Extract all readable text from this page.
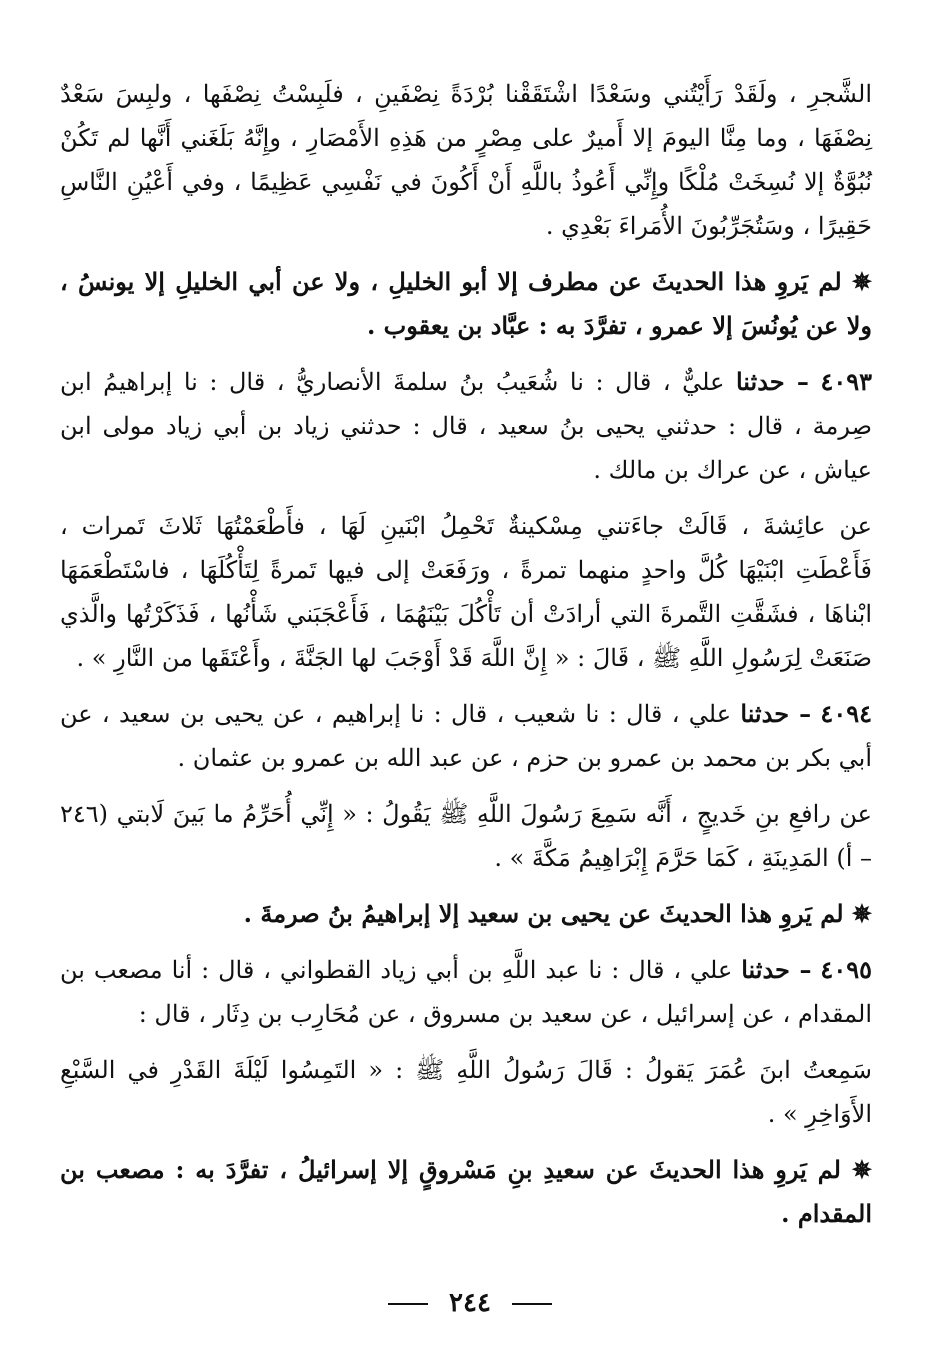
الشَّجرِ ، ولَقَدْ رَأَيْتُني وسَعْدًا اشْتَقَقْنا بُرْدَةً نِصْفَينِ ، فلَبِسْتُ نِصْفَها ، ولبِسَ سَعْدٌ نِصْفَهَا ، وما مِنَّا اليومَ إلا أَميرٌ على مِصْرٍ من هَذِهِ الأَمْصَارِ ، وإِنَّهُ بَلَغَني أَنَّها لم تَكُنْ نُبُوَّةٌ إلا نُسِخَتْ مُلْكًا وإِنِّي أَعُوذُ باللَّهِ أَنْ أَكُونَ في نَفْسِي عَظِيمًا ، وفي أَعْيُنِ النَّاسِ حَقِيرًا ، وسَتُجَرِّبُونَ الأُمَراءَ بَعْدِي .

✵ لم يَروِ هذا الحديثَ عن مطرف إلا أبو الخليلِ ، ولا عن أبي الخليلِ إلا يونسُ ، ولا عن يُونُسَ إلا عمرو ، تفرَّدَ به : عبَّاد بن يعقوب .

٤٠٩٣ – حدثنا عليٌّ ، قال : نا شُعَيبُ بنُ سلمةَ الأنصاريُّ ، قال : نا إبراهيمُ ابن صِرمة ، قال : حدثني يحيى بنُ سعيد ، قال : حدثني زياد بن أبي زياد مولى ابن عياش ، عن عراك بن مالك .

عن عائِشةَ ، قَالَتْ جاءَتني مِسْكينةٌ تَحْمِلُ ابْنَينِ لَهَا ، فأَطْعَمْتُهَا ثَلاثَ تَمرات ، فَأَعْطَتِ ابْنَيْهَا كُلَّ واحدٍ منهما تمرةً ، ورَفَعَتْ إلى فيها تَمرةً لِتَأْكُلَهَا ، فاسْتَطْعَمَهَا ابْناهَا ، فشَقَّتِ التَّمرةَ التي أرادَتْ أن تَأْكُلَ بَيْنَهُمَا ، فَأَعْجَبَني شَأْنُها ، فَذَكَرْتُها والَّذي صَنَعَتْ لِرَسُولِ اللَّهِ ﷺ ، قَالَ : « إِنَّ اللَّهَ قَدْ أَوْجَبَ لها الجَنَّةَ ، وأَعْتَقَها من النَّارِ » .

٤٠٩٤ – حدثنا علي ، قال : نا شعيب ، قال : نا إبراهيم ، عن يحيى بن سعيد ، عن أبي بكر بن محمد بن عمرو بن حزم ، عن عبد الله بن عمرو بن عثمان .

عن رافعِ بنِ خَديجٍ ، أَنَّه سَمِعَ رَسُولَ اللَّهِ ﷺ يَقُولُ : « إِنِّي أُحَرِّمُ ما بَينَ لَابتي (٢٤٦ – أ) المَدِينَةِ ، كَمَا حَرَّمَ إِبْرَاهِيمُ مَكَّةَ » .

✵ لم يَروِ هذا الحديثَ عن يحيى بن سعيد إلا إبراهيمُ بنُ صرمةَ .

٤٠٩٥ – حدثنا علي ، قال : نا عبد اللَّهِ بن أبي زياد القطواني ، قال : أنا مصعب بن المقدام ، عن إسرائيل ، عن سعيد بن مسروق ، عن مُحَارِب بن دِثَار ، قال :

سَمِعتُ ابنَ عُمَرَ يَقولُ : قَالَ رَسُولُ اللَّهِ ﷺ : « التَمِسُوا لَيْلَةَ القَدْرِ في السَّبْعِ الأَوَاخِرِ » .

✵ لم يَروِ هذا الحديثَ عن سعيدِ بنِ مَسْروقٍ إلا إسرائيلُ ، تفرَّدَ به : مصعب بن المقدام .

٢٤٤
